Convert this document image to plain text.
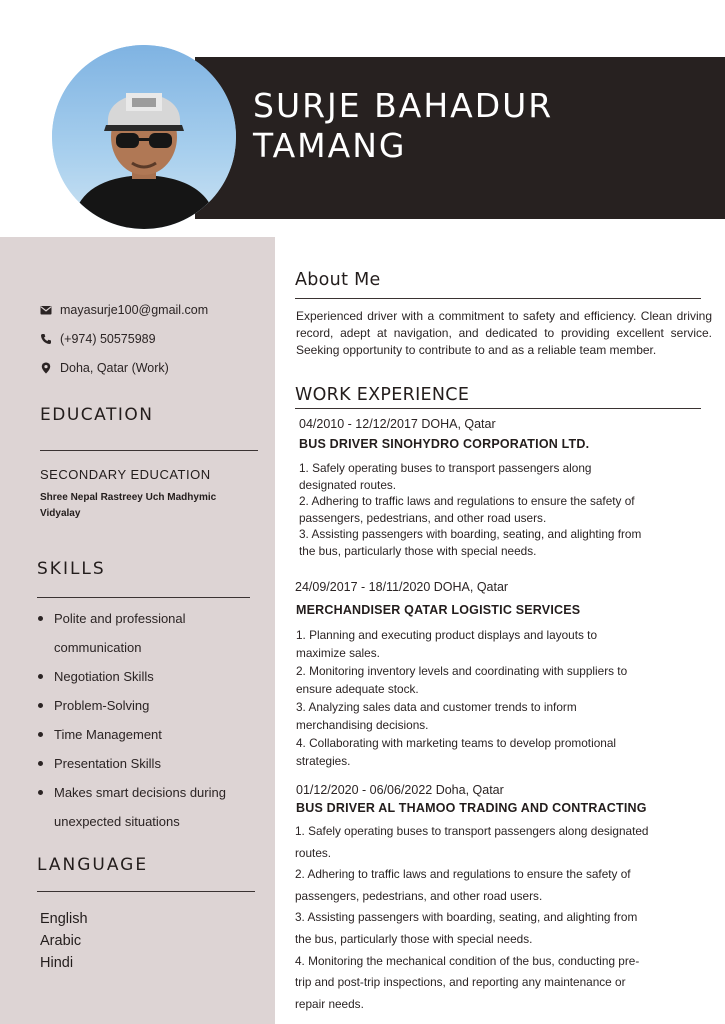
SURJE BAHADUR
TAMANG
mayasurje100@gmail.com
(+974) 50575989
Doha, Qatar (Work)
EDUCATION
SECONDARY EDUCATION
Shree Nepal Rastreey Uch Madhymic Vidyalay
SKILLS
Polite and professional
communication
Negotiation Skills
Problem-Solving
Time Management
Presentation Skills
Makes smart decisions during
unexpected situations
LANGUAGE
English
Arabic
Hindi
About Me

Experienced driver with a commitment to safety and efficiency. Clean driving record, adept at navigation, and dedicated to providing excellent service. Seeking opportunity to contribute to and as a reliable team member.

WORK EXPERIENCE
04/2010 - 12/12/2017 DOHA, Qatar
BUS DRIVER SINOHYDRO CORPORATION LTD.
1. Safely operating buses to transport passengers along
designated routes.
2. Adhering to traffic laws and regulations to ensure the safety of
passengers, pedestrians, and other road users.
3. Assisting passengers with boarding, seating, and alighting from
the bus, particularly those with special needs.
24/09/2017 - 18/11/2020 DOHA, Qatar
MERCHANDISER QATAR LOGISTIC SERVICES
1. Planning and executing product displays and layouts to
maximize sales.
2. Monitoring inventory levels and coordinating with suppliers to
ensure adequate stock.
3. Analyzing sales data and customer trends to inform
merchandising decisions.
4. Collaborating with marketing teams to develop promotional
strategies.
01/12/2020 - 06/06/2022 Doha, Qatar
BUS DRIVER AL THAMOO TRADING AND CONTRACTING
1. Safely operating buses to transport passengers along designated
routes.
2. Adhering to traffic laws and regulations to ensure the safety of
passengers, pedestrians, and other road users.
3. Assisting passengers with boarding, seating, and alighting from
the bus, particularly those with special needs.
4. Monitoring the mechanical condition of the bus, conducting pre-
trip and post-trip inspections, and reporting any maintenance or
repair needs.
